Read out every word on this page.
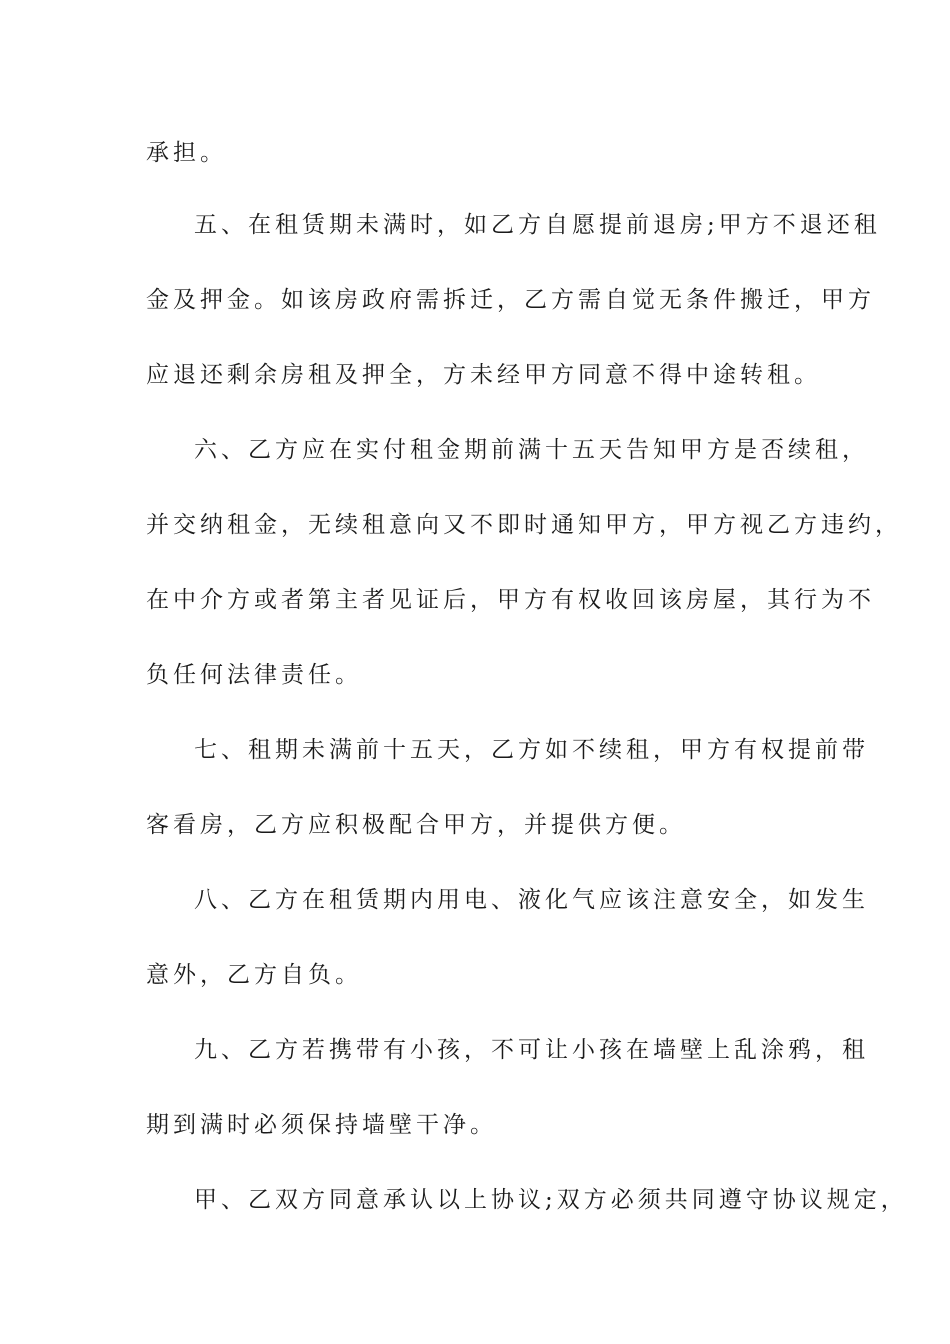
承担。
五、在租赁期未满时，如乙方自愿提前退房;甲方不退还租
金及押金。如该房政府需拆迁，乙方需自觉无条件搬迁，甲方
应退还剩余房租及押全，方未经甲方同意不得中途转租。
六、乙方应在实付租金期前满十五天告知甲方是否续租，
并交纳租金，无续租意向又不即时通知甲方，甲方视乙方违约，
在中介方或者第主者见证后，甲方有权收回该房屋，其行为不
负任何法律责任。
七、租期未满前十五天，乙方如不续租，甲方有权提前带
客看房，乙方应积极配合甲方，并提供方便。
八、乙方在租赁期内用电、液化气应该注意安全，如发生
意外，乙方自负。
九、乙方若携带有小孩，不可让小孩在墙壁上乱涂鸦，租
期到满时必须保持墙壁干净。
甲、乙双方同意承认以上协议;双方必须共同遵守协议规定，
